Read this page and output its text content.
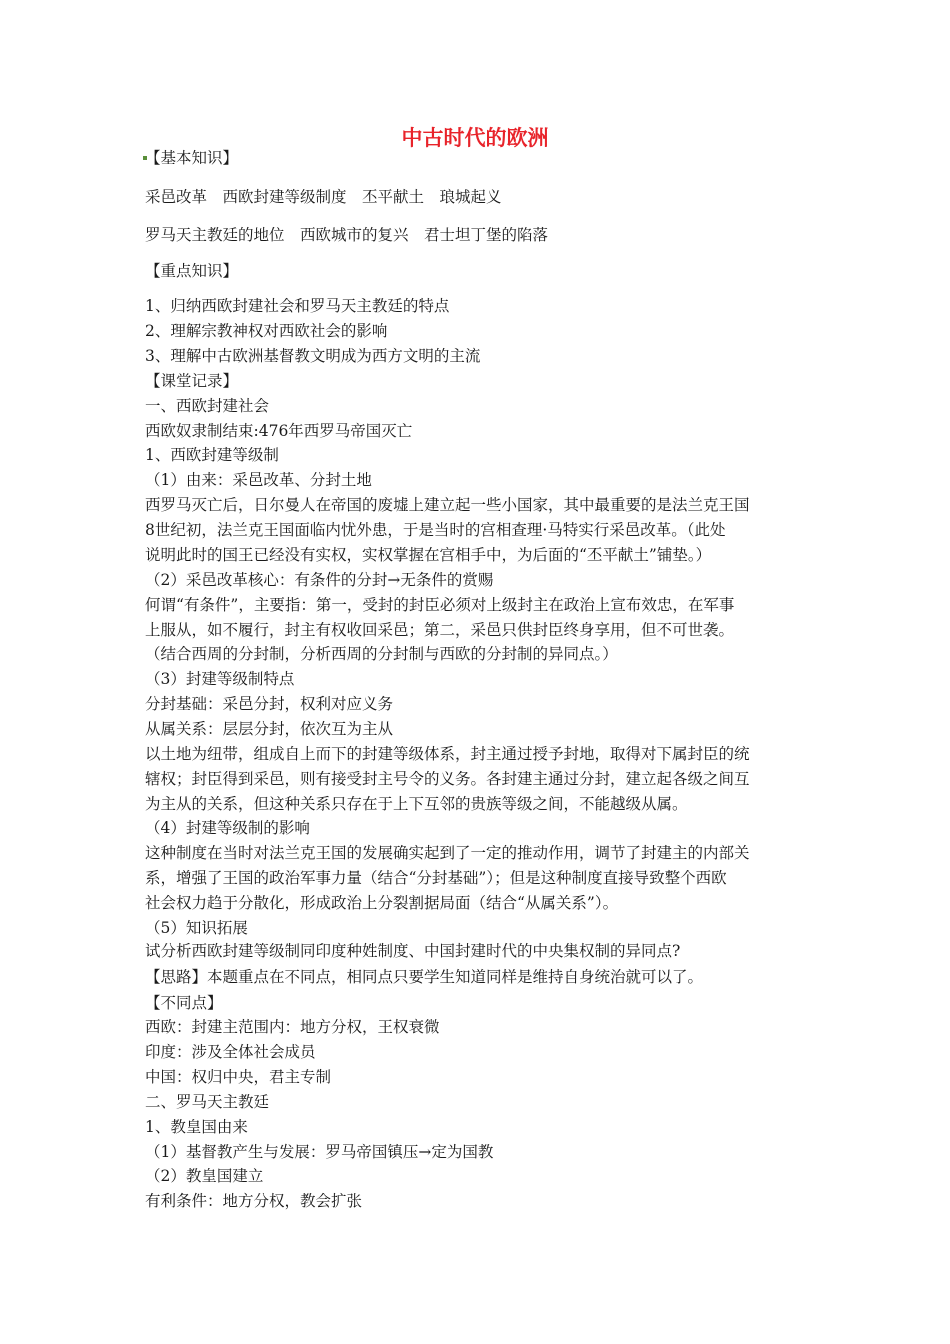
中古时代的欧洲
【基本知识】
采邑改革　西欧封建等级制度　丕平献土　琅城起义
罗马天主教廷的地位　西欧城市的复兴　君士坦丁堡的陷落
【重点知识】
1、归纳西欧封建社会和罗马天主教廷的特点
2、理解宗教神权对西欧社会的影响
3、理解中古欧洲基督教文明成为西方文明的主流
【课堂记录】
一、西欧封建社会
西欧奴隶制结束:476年西罗马帝国灭亡
1、西欧封建等级制
（1）由来：采邑改革、分封土地
西罗马灭亡后，日尔曼人在帝国的废墟上建立起一些小国家，其中最重要的是法兰克王国
8世纪初，法兰克王国面临内忧外患，于是当时的宫相查理·马特实行采邑改革。（此处
说明此时的国王已经没有实权，实权掌握在宫相手中，为后面的“丕平献土”铺垫。）
（2）采邑改革核心：有条件的分封→无条件的赏赐
何谓“有条件”，主要指：第一，受封的封臣必须对上级封主在政治上宣布效忠，在军事
上服从，如不履行，封主有权收回采邑；第二，采邑只供封臣终身享用，但不可世袭。
（结合西周的分封制，分析西周的分封制与西欧的分封制的异同点。）
（3）封建等级制特点
分封基础：采邑分封，权利对应义务
从属关系：层层分封，依次互为主从
以土地为纽带，组成自上而下的封建等级体系，封主通过授予封地，取得对下属封臣的统
辖权；封臣得到采邑，则有接受封主号令的义务。各封建主通过分封，建立起各级之间互
为主从的关系，但这种关系只存在于上下互邻的贵族等级之间，不能越级从属。
（4）封建等级制的影响
这种制度在当时对法兰克王国的发展确实起到了一定的推动作用，调节了封建主的内部关
系，增强了王国的政治军事力量（结合“分封基础”）；但是这种制度直接导致整个西欧
社会权力趋于分散化，形成政治上分裂割据局面（结合“从属关系”）。
（5）知识拓展
试分析西欧封建等级制同印度种姓制度、中国封建时代的中央集权制的异同点?
【思路】本题重点在不同点，相同点只要学生知道同样是维持自身统治就可以了。
【不同点】
西欧：封建主范围内：地方分权，王权衰微
印度：涉及全体社会成员
中国：权归中央，君主专制
二、罗马天主教廷
1、教皇国由来
（1）基督教产生与发展：罗马帝国镇压→定为国教
（2）教皇国建立
有利条件：地方分权，教会扩张
